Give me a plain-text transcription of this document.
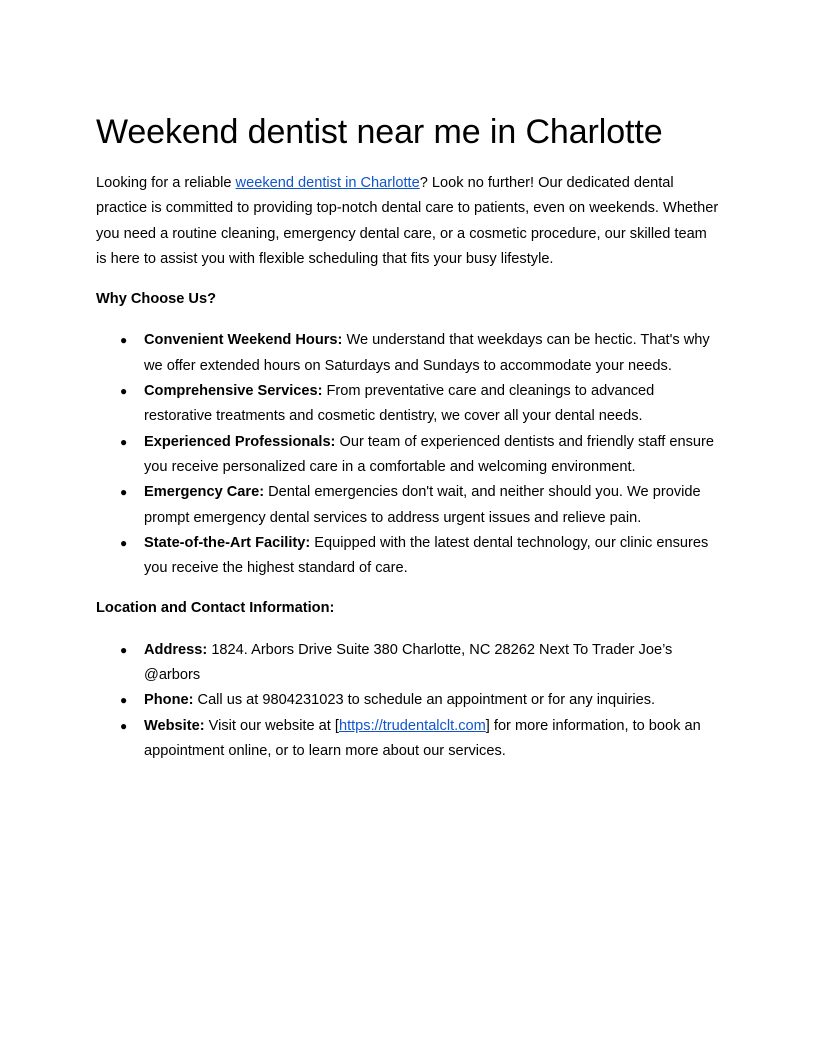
Weekend dentist near me in Charlotte

Looking for a reliable weekend dentist in Charlotte? Look no further! Our dedicated dental practice is committed to providing top-notch dental care to patients, even on weekends. Whether you need a routine cleaning, emergency dental care, or a cosmetic procedure, our skilled team is here to assist you with flexible scheduling that fits your busy lifestyle.

Why Choose Us?

● Convenient Weekend Hours: We understand that weekdays can be hectic. That's why we offer extended hours on Saturdays and Sundays to accommodate your needs.
● Comprehensive Services: From preventative care and cleanings to advanced restorative treatments and cosmetic dentistry, we cover all your dental needs.
● Experienced Professionals: Our team of experienced dentists and friendly staff ensure you receive personalized care in a comfortable and welcoming environment.
● Emergency Care: Dental emergencies don't wait, and neither should you. We provide prompt emergency dental services to address urgent issues and relieve pain.
● State-of-the-Art Facility: Equipped with the latest dental technology, our clinic ensures you receive the highest standard of care.

Location and Contact Information:

● Address: 1824. Arbors Drive Suite 380 Charlotte, NC 28262 Next To Trader Joe’s @arbors
● Phone: Call us at 9804231023 to schedule an appointment or for any inquiries.
● Website: Visit our website at [https://trudentalclt.com] for more information, to book an appointment online, or to learn more about our services.
